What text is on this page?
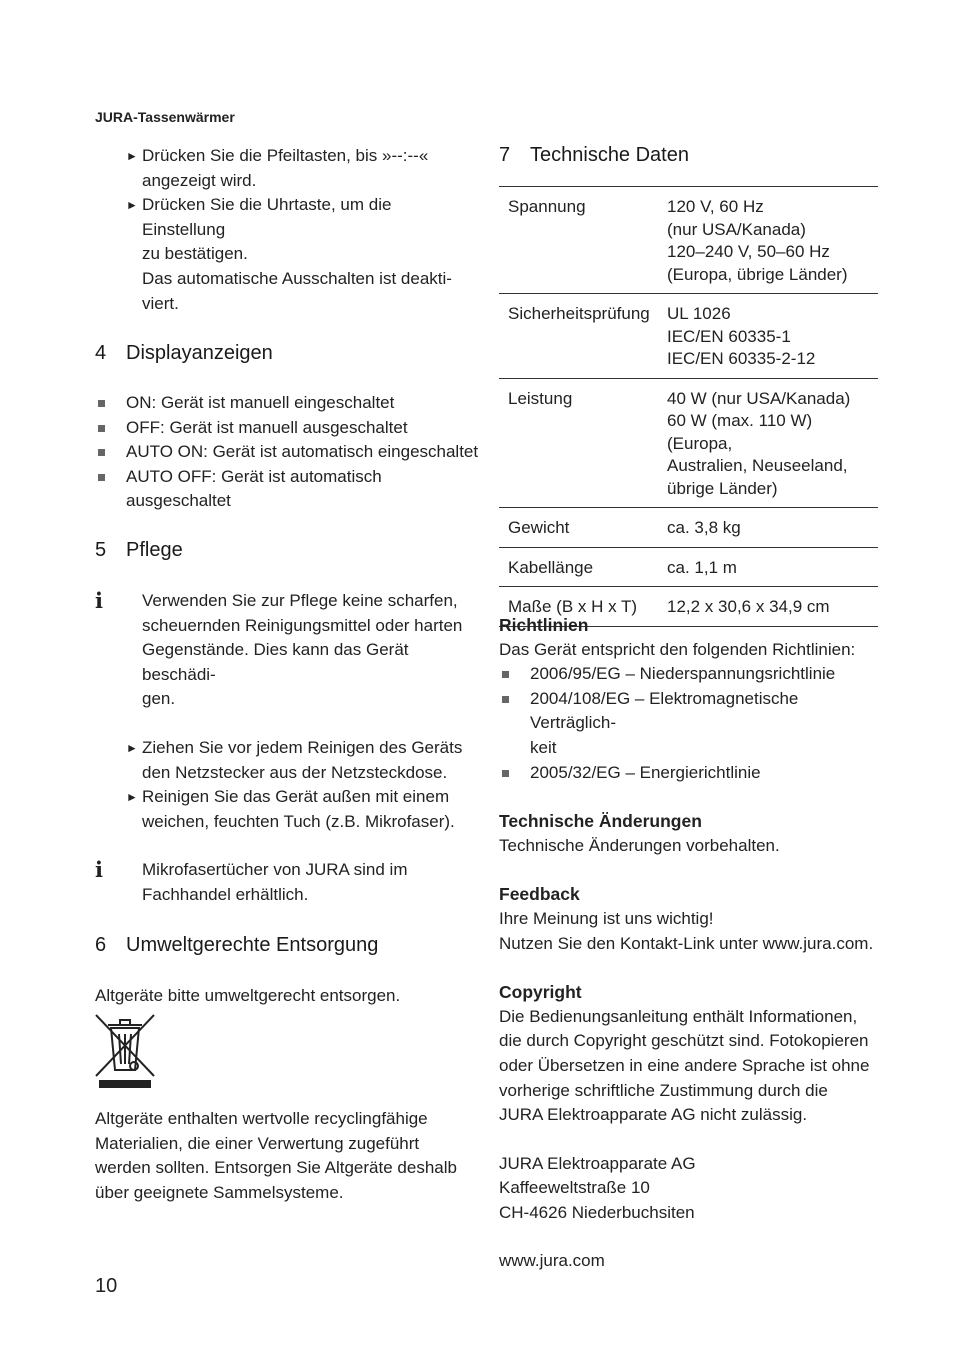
JURA-Tassenwärmer
► Drücken Sie die Pfeiltasten, bis »--:--«
angezeigt wird.
► Drücken Sie die Uhrtaste, um die Einstellung
zu bestätigen.
Das automatische Ausschalten ist deakti-
viert.
4 Displayanzeigen
ON: Gerät ist manuell eingeschaltet
OFF: Gerät ist manuell ausgeschaltet
AUTO ON: Gerät ist automatisch eingeschaltet
AUTO OFF: Gerät ist automatisch ausgeschaltet
5 Pflege
i Verwenden Sie zur Pflege keine scharfen,
scheuernden Reinigungsmittel oder harten
Gegenstände. Dies kann das Gerät beschädi-
gen.
► Ziehen Sie vor jedem Reinigen des Geräts
den Netzstecker aus der Netzsteckdose.
► Reinigen Sie das Gerät außen mit einem
weichen, feuchten Tuch (z.B. Mikrofaser).
i Mikrofasertücher von JURA sind im
Fachhandel erhältlich.
6 Umweltgerechte Entsorgung
Altgeräte bitte umweltgerecht entsorgen.
Altgeräte enthalten wertvolle recyclingfähige
Materialien, die einer Verwertung zugeführt
werden sollten. Entsorgen Sie Altgeräte deshalb
über geeignete Sammelsysteme.
10
7 Technische Daten
Spannung	120 V, 60 Hz
(nur USA/Kanada)
120–240 V, 50–60 Hz
(Europa, übrige Länder)

Sicherheitsprüfung	UL 1026
IEC/EN 60335-1
IEC/EN 60335-2-12

Leistung	40 W (nur USA/Kanada)
60 W (max. 110 W) (Europa,
Australien, Neuseeland,
übrige Länder)

Gewicht	ca. 3,8 kg

Kabellänge	ca. 1,1 m

Maße (B x H x T)	12,2 x 30,6 x 34,9 cm
Richtlinien
Das Gerät entspricht den folgenden Richtlinien:
2006/95/EG – Niederspannungsrichtlinie
2004/108/EG – Elektromagnetische Verträglich-
keit
2005/32/EG – Energierichtlinie
Technische Änderungen
Technische Änderungen vorbehalten.
Feedback
Ihre Meinung ist uns wichtig!
Nutzen Sie den Kontakt-Link unter www.jura.com.
Copyright
Die Bedienungsanleitung enthält Informationen,
die durch Copyright geschützt sind. Fotokopieren
oder Übersetzen in eine andere Sprache ist ohne
vorherige schriftliche Zustimmung durch die
JURA Elektroapparate AG nicht zulässig.
JURA Elektroapparate AG
Kaffeeweltstraße 10
CH-4626 Niederbuchsiten
www.jura.com
